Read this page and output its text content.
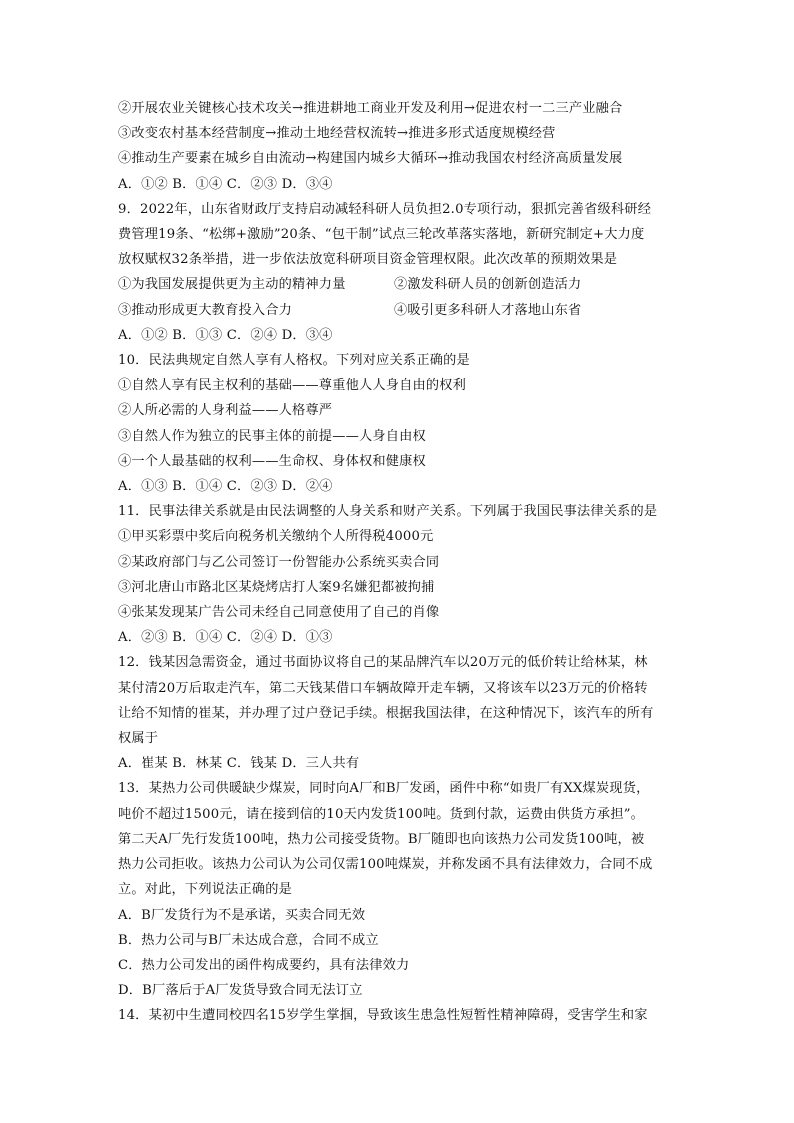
②开展农业关键核心技术攻关→推进耕地工商业开发及利用→促进农村一二三产业融合
③改变农村基本经营制度→推动土地经营权流转→推进多形式适度规模经营
④推动生产要素在城乡自由流动→构建国内城乡大循环→推动我国农村经济高质量发展
A．①② B．①④ C．②③ D．③④
9．2022年，山东省财政厅支持启动减轻科研人员负担2.0专项行动，狠抓完善省级科研经
费管理19条、“松绑+激励”20条、“包干制”试点三轮改革落实落地，新研究制定+大力度
放权赋权32条举措，进一步依法放宽科研项目资金管理权限。此次改革的预期效果是
①为我国发展提供更为主动的精神力量	②激发科研人员的创新创造活力
③推动形成更大教育投入合力	④吸引更多科研人才落地山东省
A．①② B．①③ C．②④ D．③④
10．民法典规定自然人享有人格权。下列对应关系正确的是
①自然人享有民主权利的基础——尊重他人人身自由的权利
②人所必需的人身利益——人格尊严
③自然人作为独立的民事主体的前提——人身自由权
④一个人最基础的权利——生命权、身体权和健康权
A．①③ B．①④ C．②③ D．②④
11．民事法律关系就是由民法调整的人身关系和财产关系。下列属于我国民事法律关系的是
①甲买彩票中奖后向税务机关缴纳个人所得税4000元
②某政府部门与乙公司签订一份智能办公系统买卖合同
③河北唐山市路北区某烧烤店打人案9名嫌犯都被拘捕
④张某发现某广告公司未经自己同意使用了自己的肖像
A．②③ B．①④ C．②④ D．①③
12．钱某因急需资金，通过书面协议将自己的某品牌汽车以20万元的低价转让给林某，林
某付清20万后取走汽车，第二天钱某借口车辆故障开走车辆，又将该车以23万元的价格转
让给不知情的崔某，并办理了过户登记手续。根据我国法律，在这种情况下，该汽车的所有
权属于
A．崔某 B．林某 C．钱某 D．三人共有
13．某热力公司供暖缺少煤炭，同时向A厂和B厂发函，函件中称“如贵厂有XX煤炭现货，
吨价不超过1500元，请在接到信的10天内发货100吨。货到付款，运费由供货方承担”。
第二天A厂先行发货100吨，热力公司接受货物。B厂随即也向该热力公司发货100吨，被
热力公司拒收。该热力公司认为公司仅需100吨煤炭，并称发函不具有法律效力，合同不成
立。对此，下列说法正确的是
A．B厂发货行为不是承诺，买卖合同无效
B．热力公司与B厂未达成合意，合同不成立
C．热力公司发出的函件构成要约，具有法律效力
D．B厂落后于A厂发货导致合同无法订立
14．某初中生遭同校四名15岁学生掌掴，导致该生患急性短暂性精神障碍，受害学生和家
